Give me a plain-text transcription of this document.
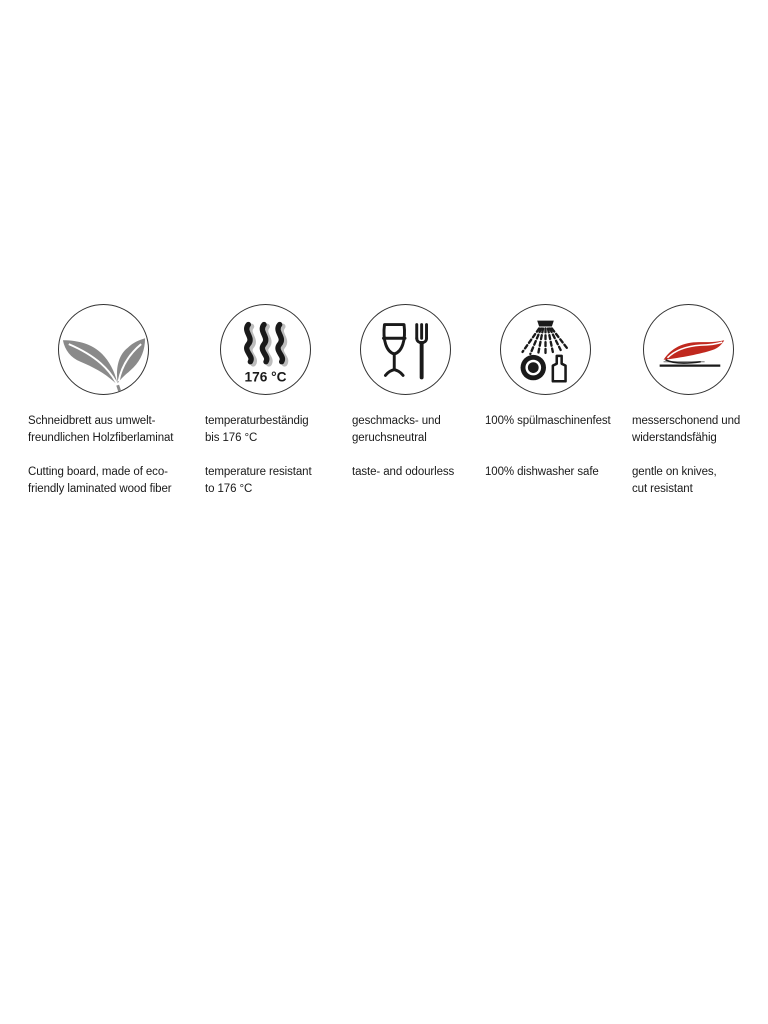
Schneidbrett aus umwelt-
freundlichen Holzfiberlaminat
Cutting board, made of eco-
friendly laminated wood fiber
176 °C
temperaturbeständig
bis 176 °C
temperature resistant
to 176 °C
geschmacks- und
geruchsneutral
taste- and odourless

100% spülmaschinenfest

100% dishwasher safe

messerschonend und
widerstandsfähig
gentle on knives,
cut resistant
